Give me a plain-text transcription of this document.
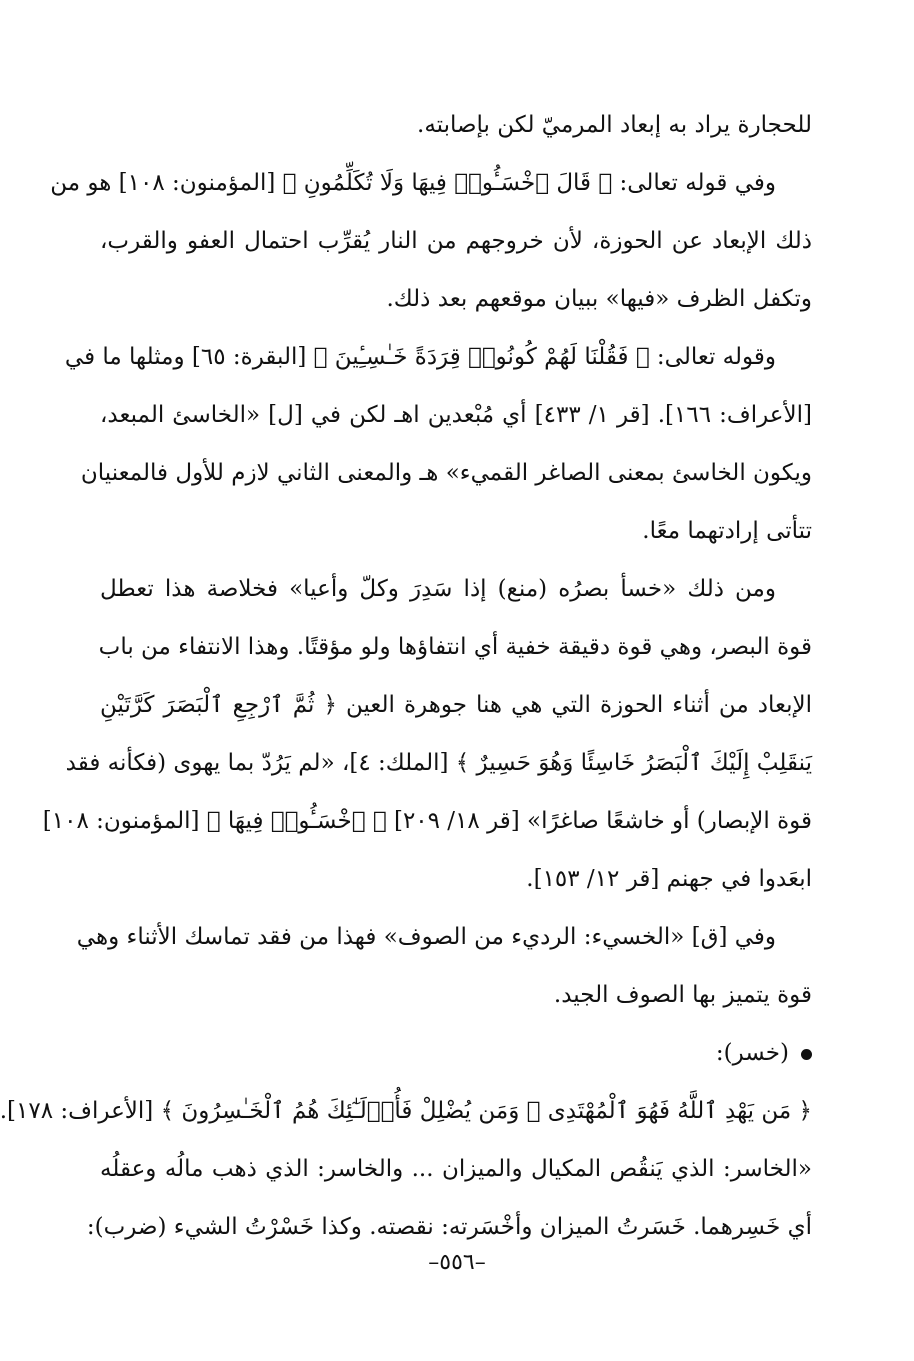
للحجارة يراد به إبعاد المرميّ لكن بإصابته.
وفي قوله تعالى: ﴿ قَالَ ٱخْسَـُٔوا۟ فِيهَا وَلَا تُكَلِّمُونِ ﴾ [المؤمنون: ١٠٨] هو من
ذلك الإبعاد عن الحوزة، لأن خروجهم من النار يُقرِّب احتمال العفو والقرب،
وتكفل الظرف «فيها» ببيان موقعهم بعد ذلك.
وقوله تعالى: ﴿ فَقُلْنَا لَهُمْ كُونُوا۟ قِرَدَةً خَـٰسِـِٔينَ ﴾ [البقرة: ٦٥] ومثلها ما في
[الأعراف: ١٦٦]. [قر ١/ ٤٣٣] أي مُبْعدين اهـ لكن في [ل] «الخاسئ المبعد،
ويكون الخاسئ بمعنى الصاغر القميء» هـ والمعنى الثاني لازم للأول فالمعنيان
تتأتى إرادتهما معًا.
ومن ذلك «خسأ بصرُه (منع) إذا سَدِرَ وكلّ وأعيا» فخلاصة هذا تعطل
قوة البصر، وهي قوة دقيقة خفية أي انتفاؤها ولو مؤقتًا. وهذا الانتفاء من باب
الإبعاد من أثناء الحوزة التي هي هنا جوهرة العين ﴿ ثُمَّ ٱرْجِعِ ٱلْبَصَرَ كَرَّتَيْنِ
يَنقَلِبْ إِلَيْكَ ٱلْبَصَرُ خَاسِئًا وَهُوَ حَسِيرٌ ﴾ [الملك: ٤]، «لم يَرُدّ بما يهوى (فكأنه فقد
قوة الإبصار) أو خاشعًا صاغرًا» [قر ١٨/ ٢٠٩] ﴿ ٱخْسَـُٔوا۟ فِيهَا ﴾ [المؤمنون: ١٠٨]
ابعَدوا في جهنم [قر ١٢/ ١٥٣].
وفي [ق] «الخسيء: الرديء من الصوف» فهذا من فقد تماسك الأثناء وهي
قوة يتميز بها الصوف الجيد.
(خسر):
﴿ مَن يَهْدِ ٱللَّهُ فَهُوَ ٱلْمُهْتَدِى ۖ وَمَن يُضْلِلْ فَأُو۟لَـٰٓئِكَ هُمُ ٱلْخَـٰسِرُونَ ﴾ [الأعراف: ١٧٨].
«الخاسر: الذي يَنقُص المكيال والميزان ... والخاسر: الذي ذهب مالُه وعقلُه
أي خَسِرهما. خَسَرتُ الميزان وأخْسَرته: نقصته. وكذا خَسْرْتُ الشيء (ضرب):
–٥٥٦–
